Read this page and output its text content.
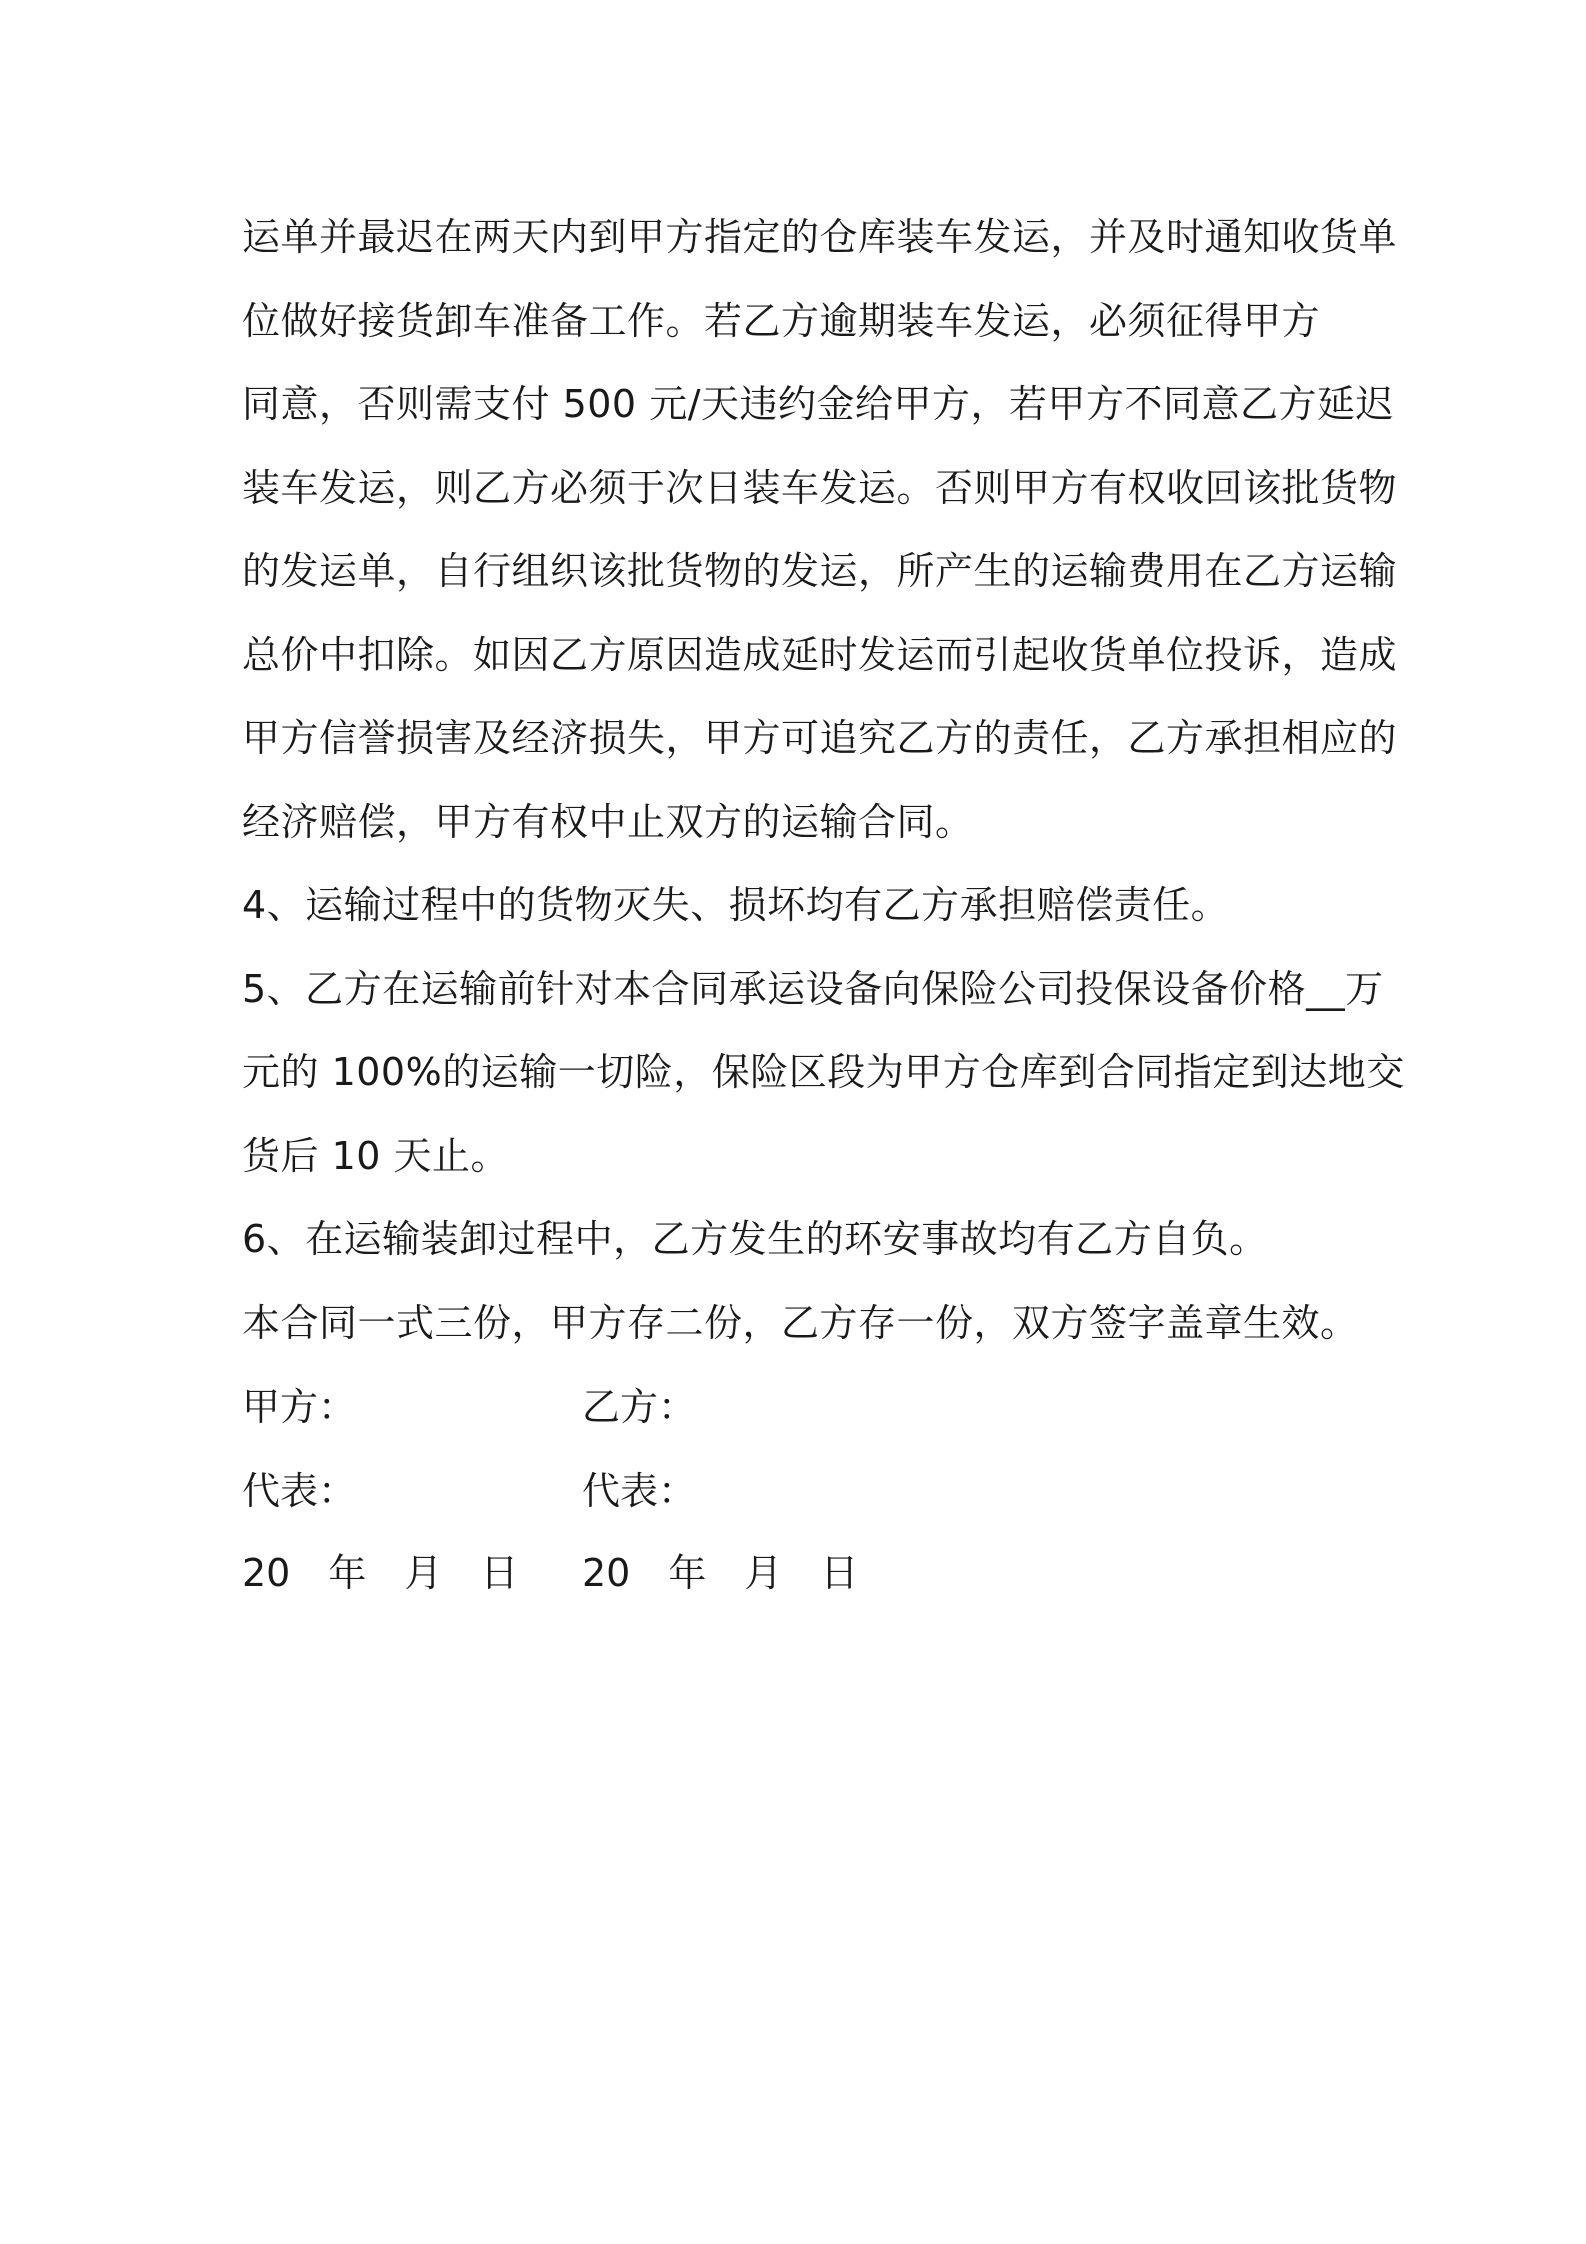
运单并最迟在两天内到甲方指定的仓库装车发运，并及时通知收货单
位做好接货卸车准备工作。若乙方逾期装车发运，必须征得甲方
同意，否则需支付 500 元/天违约金给甲方，若甲方不同意乙方延迟
装车发运，则乙方必须于次日装车发运。否则甲方有权收回该批货物
的发运单，自行组织该批货物的发运，所产生的运输费用在乙方运输
总价中扣除。如因乙方原因造成延时发运而引起收货单位投诉，造成
甲方信誉损害及经济损失，甲方可追究乙方的责任，乙方承担相应的
经济赔偿，甲方有权中止双方的运输合同。
4、运输过程中的货物灭失、损坏均有乙方承担赔偿责任。
5、乙方在运输前针对本合同承运设备向保险公司投保设备价格__万
元的 100%的运输一切险，保险区段为甲方仓库到合同指定到达地交
货后 10 天止。
6、在运输装卸过程中，乙方发生的环安事故均有乙方自负。
本合同一式三份，甲方存二份，乙方存一份，双方签字盖章生效。
甲方：	乙方：
代表：	代表：
20 年 月 日	20 年 月 日
